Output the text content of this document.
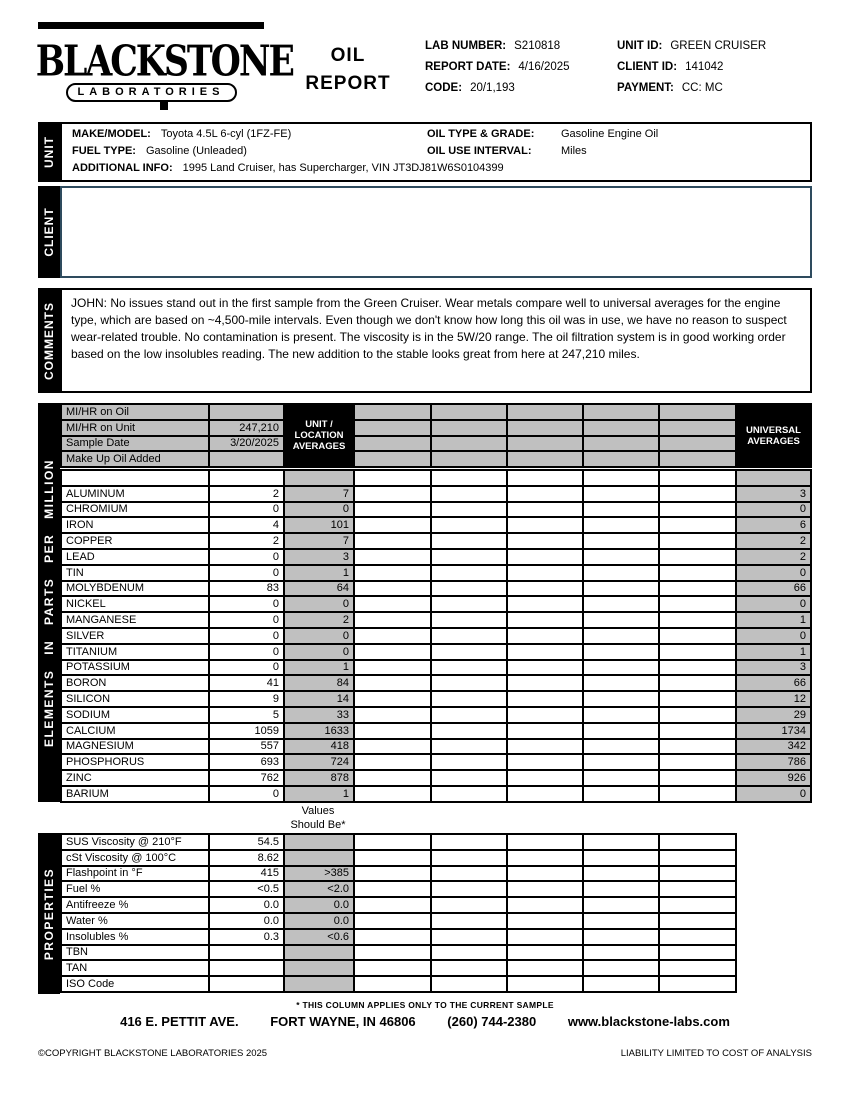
BLACKSTONE
LABORATORIES
OIL
REPORT
LAB NUMBER: S210818
REPORT DATE: 4/16/2025
CODE: 20/1,193
UNIT ID: GREEN CRUISER
CLIENT ID: 141042
PAYMENT: CC: MC
UNIT
MAKE/MODEL: Toyota 4.5L 6-cyl (1FZ-FE)	OIL TYPE & GRADE:	Gasoline Engine Oil
FUEL TYPE: Gasoline (Unleaded)	OIL USE INTERVAL:	Miles
ADDITIONAL INFO: 1995 Land Cruiser, has Supercharger, VIN JT3DJ81W6S0104399
CLIENT
COMMENTS JOHN: No issues stand out in the first sample from the Green Cruiser. Wear metals compare well to universal averages for the engine type, which are based on ~4,500-mile intervals. Even though we don't know how long this oil was in use, we have no reason to suspect wear-related trouble. No contamination is present. The viscosity is in the 5W/20 range. The oil filtration system is in good working order based on the low insolubles reading. The new addition to the stable looks great from here at 247,210 miles.
ELEMENTS IN PARTS PER MILLION
MI/HR on Oil		UNIT /
LOCATION
AVERAGES						UNIVERSAL
AVERAGES

MI/HR on Unit	247,210							
Sample Date	3/20/2025							
Make Up Oil Added								

ALUMINUM	2	7						3
CHROMIUM	0	0						0
IRON	4	101						6
COPPER	2	7						2
LEAD	0	3						2
TIN	0	1						0
MOLYBDENUM	83	64						66
NICKEL	0	0						0
MANGANESE	0	2						1
SILVER	0	0						0
TITANIUM	0	0						1
POTASSIUM	0	1						3
BORON	41	84						66
SILICON	9	14						12
SODIUM	5	33						29
CALCIUM	1059	1633						1734
MAGNESIUM	557	418						342
PHOSPHORUS	693	724						786
ZINC	762	878						926
BARIUM	0	1						0
Values
Should Be*
PROPERTIES
SUS Viscosity @ 210°F	54.5						
cSt Viscosity @ 100°C	8.62						
Flashpoint in °F	415	>385					
Fuel %	<0.5	<2.0					
Antifreeze %	0.0	0.0					
Water %	0.0	0.0					
Insolubles %	0.3	<0.6					
TBN							
TAN							
ISO Code							
* THIS COLUMN APPLIES ONLY TO THE CURRENT SAMPLE
416 E. PETTIT AVE. FORT WAYNE, IN 46806 (260) 744-2380 www.blackstone-labs.com
©COPYRIGHT BLACKSTONE LABORATORIES 2025	LIABILITY LIMITED TO COST OF ANALYSIS
